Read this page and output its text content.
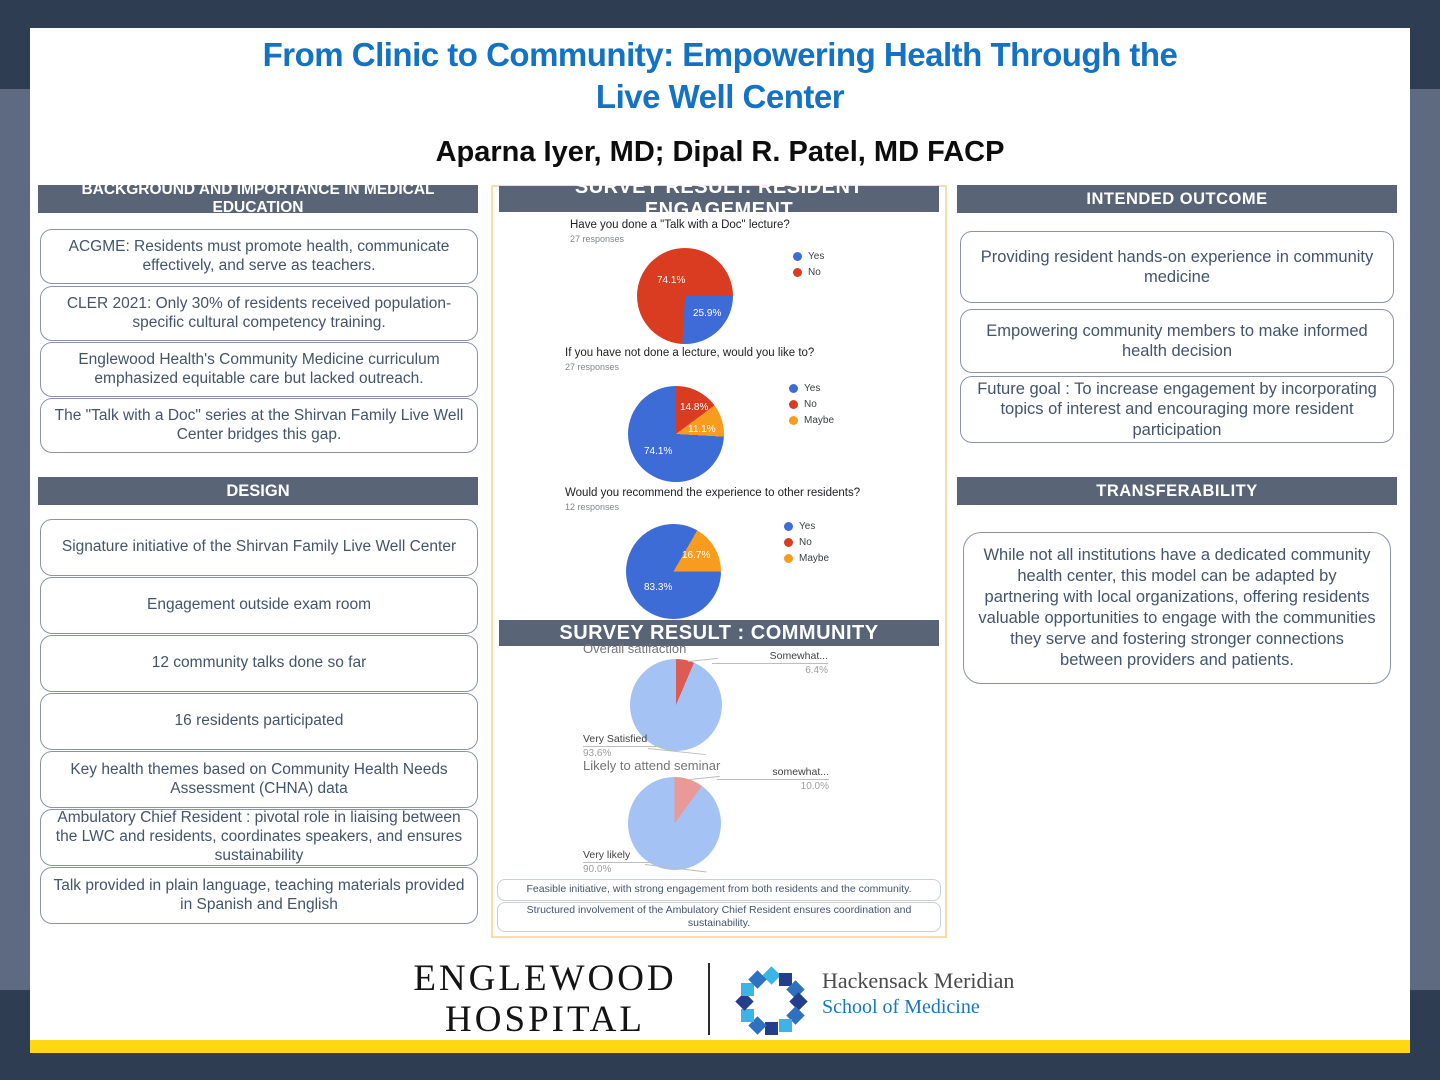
From Clinic to Community: Empowering Health Through the
Live Well Center
Aparna Iyer, MD; Dipal R. Patel, MD FACP
BACKGROUND AND IMPORTANCE IN MEDICAL EDUCATION
ACGME: Residents must promote health, communicate effectively, and serve as teachers.
CLER 2021: Only 30% of residents received population-specific cultural competency training.
Englewood Health's Community Medicine curriculum emphasized equitable care but lacked outreach.
The "Talk with a Doc" series at the Shirvan Family Live Well Center bridges this gap.
DESIGN
Signature initiative of the Shirvan Family Live Well Center
Engagement outside exam room
12 community talks done so far
16 residents participated
Key health themes based on Community Health Needs Assessment (CHNA) data
Ambulatory Chief Resident : pivotal role in liaising between the LWC and residents, coordinates speakers, and ensures sustainability
Talk provided in plain language, teaching materials provided in Spanish and English
SURVEY RESULT: RESIDENT ENGAGEMENT
Have you done a "Talk with a Doc" lecture?
27 responses
74.1%
25.9%
Yes
No
If you have not done a lecture, would you like to?
27 responses
14.8%
11.1%
74.1%
Yes
No
Maybe
Would you recommend the experience to other residents?
12 responses
16.7%
83.3%
Yes
No
Maybe
SURVEY RESULT : COMMUNITY
Overall satifaction	Somewhat...
6.4%
Very Satisfied
93.6%
Likely to attend seminar	somewhat...
10.0%
Very likely
90.0%
Feasible initiative, with strong engagement from both residents and the community.
Structured involvement of the Ambulatory Chief Resident ensures coordination and sustainability.
INTENDED OUTCOME
Providing resident hands-on experience in community medicine
Empowering community members to make informed health decision
Future goal : To increase engagement by incorporating topics of interest and encouraging more resident participation
TRANSFERABILITY
While not all institutions have a dedicated community health center, this model can be adapted by partnering with local organizations, offering residents valuable opportunities to engage with the communities they serve and fostering stronger connections between providers and patients.
ENGLEWOOD
HOSPITAL
Hackensack Meridian
School of Medicine
